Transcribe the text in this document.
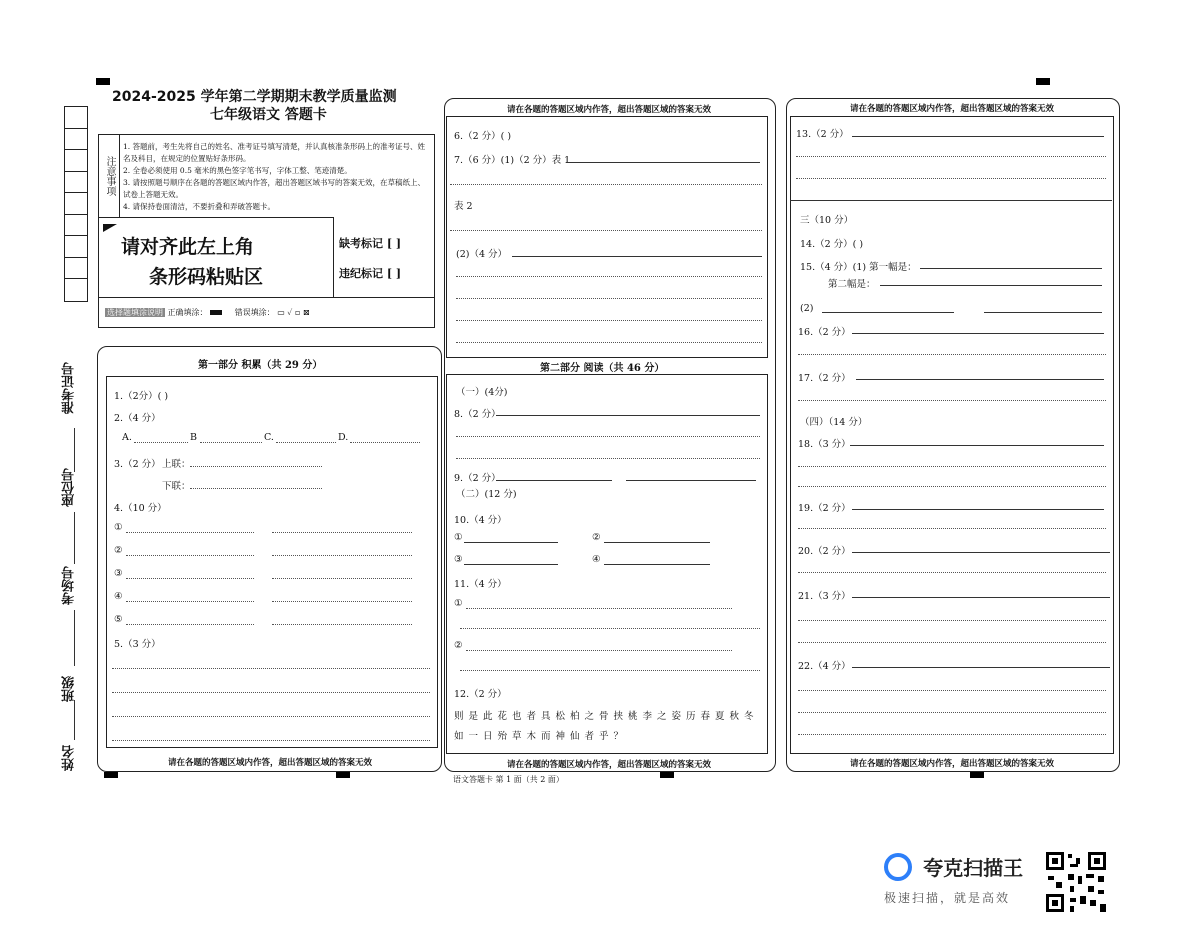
2024-2025 学年第二学期期末教学质量监测
七年级语文 答题卡
注意事项
1. 答题前，考生先将自己的姓名、准考证号填写清楚，并认真核准条形码上的准考证号、姓名及科目，在规定的位置贴好条形码。
2. 全卷必须使用 0.5 毫米的黑色签字笔书写，字体工整、笔迹清楚。
3. 请按照题号顺序在各题的答题区域内作答，超出答题区域书写的答案无效，在草稿纸上、试卷上答题无效。
4. 请保持卷面清洁，不要折叠和弄破答题卡。
请对齐此左上角
条形码粘贴区
缺考标记 [ ]
违纪标记 [ ]
选择题填涂说明 正确填涂：	错误填涂： ▭ ✓ ▫ ⊠
准考证号
座位号
考场号
班级
姓名
第一部分 积累（共 29 分）
1.（2分）( )
2.（4 分）
A.	B	C.	D.
3.（2 分） 上联：
下联：
4.（10 分）
①
②
③
④
⑤
5.（3 分）
请在各题的答题区域内作答，超出答题区域的答案无效
请在各题的答题区域内作答，超出答题区域的答案无效
6.（2 分）( )
7.（6 分）(1)（2 分）表 1
表 2
(2)（4 分）
第二部分 阅读（共 46 分）
（一）(4分)
8.（2 分）
9.（2 分）
（二）(12 分)
10.（4 分）
①	②
③	④
11.（4 分）
①
②
12.（2 分）
则是此花也者具松柏之骨挟桃李之姿历春夏秋冬
如一日殆草木而神仙者乎？
请在各题的答题区域内作答，超出答题区域的答案无效
请在各题的答题区域内作答，超出答题区域的答案无效
13.（2 分）
三（10 分）
14.（2 分）( )
15.（4 分）(1) 第一幅是：
第二幅是：
(2)
16.（2 分）
17.（2 分）
（四）（14 分）
18.（3 分）
19.（2 分）
20.（2 分）
21.（3 分）
22.（4 分）
请在各题的答题区域内作答，超出答题区域的答案无效
语文答题卡 第 1 面（共 2 面）
夸克扫描王
极速扫描，就是高效
